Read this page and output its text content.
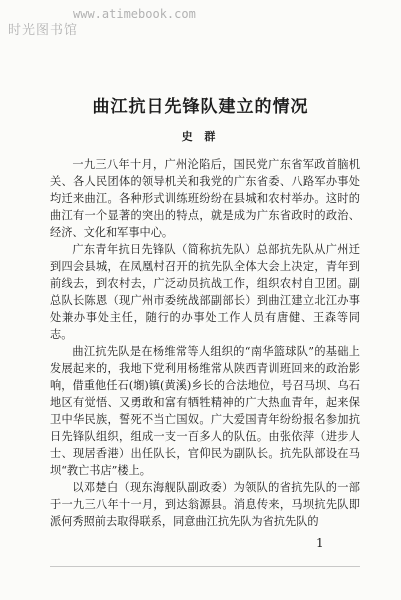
www.atimebook.com
时光图书馆
曲江抗日先锋队建立的情况
史 群

一九三八年十月，广州沦陷后，国民党广东省军政首脑机关、各人民团体的领导机关和我党的广东省委、八路军办事处均迁来曲江。各种形式训练班纷纷在县城和农村举办。这时的曲江有一个显著的突出的特点，就是成为广东省政时的政治、经济、文化和军事中心。

广东青年抗日先锋队（简称抗先队）总部抗先队从广州迁到四会县城，在凤凰村召开的抗先队全体大会上决定，青年到前线去，到农村去，广泛动员抗战工作，组织农村自卫团。副总队长陈恩（现广州市委统战部副部长）到曲江建立北江办事处兼办事处主任，随行的办事处工作人员有唐健、王森等同志。

曲江抗先队是在杨维常等人组织的“南华篮球队”的基础上发展起来的，我地下党利用杨维常从陕西青训班回来的政治影响，借重他任石(㙟)镇(黄溪)乡长的合法地位，号召马坝、乌石地区有觉悟、又勇敢和富有牺牲精神的广大热血青年，起来保卫中华民族，誓死不当亡国奴。广大爱国青年纷纷报名参加抗日先锋队组织，组成一支一百多人的队伍。由张依萍（进步人士、现居香港）出任队长，官仰民为副队长。抗先队部设在马坝“教亡书店”楼上。

以邓楚白（现东海舰队副政委）为领队的省抗先队的一部于一九三八年十一月，到达翁源县。消息传来，马坝抗先队即派何秀照前去取得联系，同意曲江抗先队为省抗先队的

1
